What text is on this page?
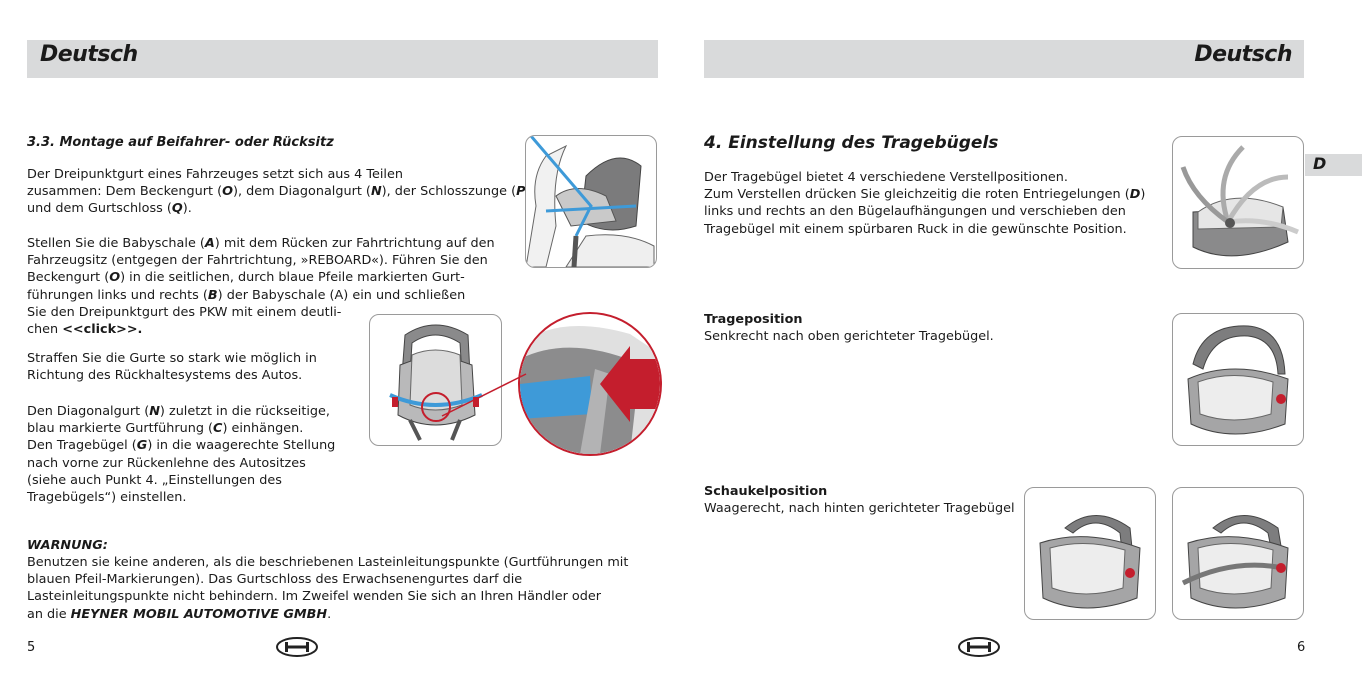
Deutsch
3.3. Montage auf Beifahrer- oder Rücksitz
Der Dreipunktgurt eines Fahrzeuges setzt sich aus 4 Teilen
zusammen: Dem Beckengurt (O), dem Diagonalgurt (N), der Schlosszunge (P
und dem Gurtschloss (Q).
Stellen Sie die Babyschale (A) mit dem Rücken zur Fahrtrichtung auf den
Fahrzeugsitz (entgegen der Fahrtrichtung, »REBOARD«). Führen Sie den
Beckengurt (O) in die seitlichen, durch blaue Pfeile markierten Gurt-
führungen links und rechts (B) der Babyschale (A) ein und schließen
Sie den Dreipunktgurt des PKW mit einem deutli-
chen <<click>>.
Straffen Sie die Gurte so stark wie möglich in
Richtung des Rückhaltesystems des Autos.
Den Diagonalgurt (N) zuletzt in die rückseitige,
blau markierte Gurtführung (C) einhängen.
Den Tragebügel (G) in die waagerechte Stellung
nach vorne zur Rückenlehne des Autositzes
(siehe auch Punkt 4. „Einstellungen des
Tragebügels“) einstellen.
WARNUNG:
Benutzen sie keine anderen, als die beschriebenen Lasteinleitungspunkte (Gurtführungen mit
blauen Pfeil-Markierungen). Das Gurtschloss des Erwachsenengurtes darf die
Lasteinleitungspunkte nicht behindern. Im Zweifel wenden Sie sich an Ihren Händler oder
an die HEYNER MOBIL AUTOMOTIVE GMBH.
5
Deutsch
D
4. Einstellung des Tragebügels
Der Tragebügel bietet 4 verschiedene Verstellpositionen.
Zum Verstellen drücken Sie gleichzeitig die roten Entriegelungen (D)
links und rechts an den Bügelaufhängungen und verschieben den
Tragebügel mit einem spürbaren Ruck in die gewünschte Position.
Trageposition
Senkrecht nach oben gerichteter Tragebügel.
Schaukelposition
Waagerecht, nach hinten gerichteter Tragebügel
6
